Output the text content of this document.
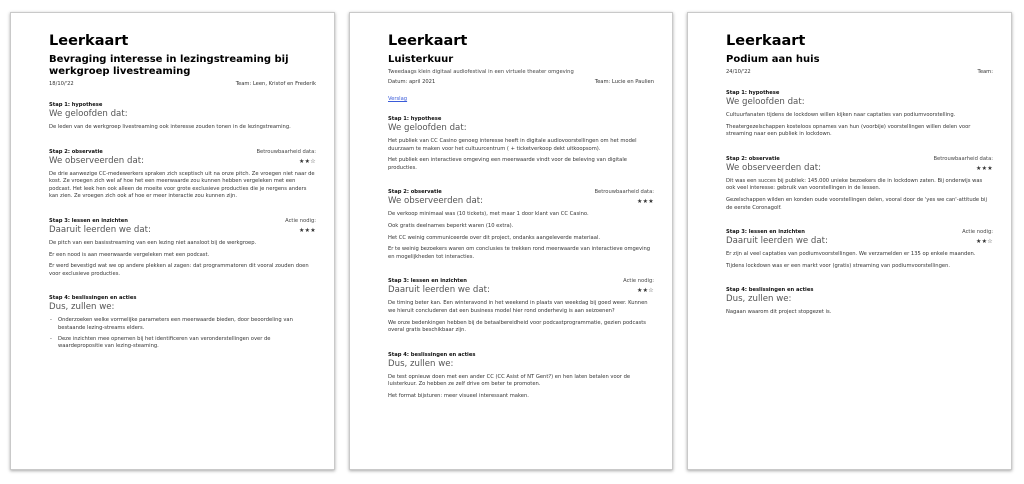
Leerkaart
Bevraging interesse in lezingstreaming bij werkgroep livestreaming
18/10/'22	Team: Leen, Kristof en Frederik
Stap 1: hypothese
We geloofden dat:
De leden van de werkgroep livestreaming ook interesse zouden tonen in de lezingstreaming.
Stap 2: observatie	Betrouwbaarheid data:
We observeerden dat:	★★☆
De drie aanwezige CC-medewerkers spraken zich sceptisch uit na onze pitch. Ze vroegen niet naar de kost. Ze vroegen zich wel af hoe het een meerwaarde zou kunnen hebben vergeleken met een podcast. Het leek hen ook alleen de moeite voor grote exclusieve producties die je nergens anders kan zien. Ze vroegen zich ook af hoe er meer interactie zou kunnen zijn.
Stap 3: lessen en inzichten	Actie nodig:
Daaruit leerden we dat:	★★★
De pitch van een basisstreaming van een lezing niet aansloot bij de werkgroep.
Er een nood is aan meerwaarde vergeleken met een podcast.
Er werd bevestigd wat we op andere plekken al zagen: dat programmatoren dit vooral zouden doen voor exclusieve producties.
Stap 4: beslissingen en acties
Dus, zullen we:
- Onderzoeken welke vormelijke parameters een meerwaarde bieden, door beoordeling van bestaande lezing-streams elders.
- Deze inzichten mee opnemen bij het identificeren van veronderstellingen over de waardepropositie van lezing-steaming.
Leerkaart
Luisterkuur
Tweedaags klein digitaal audiofestival in een virtuele theater omgeving
Datum: april 2021	Team: Lucie en Paulien
Verslag
Stap 1: hypothese
We geloofden dat:
Het publiek van CC Casino genoeg interesse heeft in digitale audiovoorstellingen om het model duurzaam te maken voor het cultuurcentrum ( + ticketverkoop dekt uitkoopsom).
Het publiek een interactieve omgeving een meerwaarde vindt voor de beleving van digitale producties.
Stap 2: observatie	Betrouwbaarheid data:
We observeerden dat:	★★★
De verkoop minimaal was (10 tickets), met maar 1 door klant van CC Casino.
Ook gratis deelnames beperkt waren (10 extra).
Het CC weinig communiceerde over dit project, ondanks aangeleverde materiaal.
Er te weinig bezoekers waren om conclusies te trekken rond meerwaarde van interactieve omgeving en mogelijkheden tot interacties.
Stap 3: lessen en inzichten	Actie nodig:
Daaruit leerden we dat:	★★☆
De timing beter kan. Een winteravond in het weekend in plaats van weekdag bij goed weer. Kunnen we hieruit concluderen dat een business model hier rond onderhevig is aan seizoenen?
We onze bedenkingen hebben bij de betaalbereidheid voor podcastprogrammatie, gezien podcasts overal gratis beschikbaar zijn.
Stap 4: beslissingen en acties
Dus, zullen we:
De test opnieuw doen met een ander CC (CC Asist of NT Gent?) en hen laten betalen voor de luisterkuur. Zo hebben ze zelf drive om beter te promoten.
Het format bijsturen: meer visueel interessant maken.
Leerkaart
Podium aan huis
24/10/'22	Team:
Stap 1: hypothese
We geloofden dat:
Cultuurfanaten tijdens de lockdown willen kijken naar captaties van podiumvoorstelling.
Theatergezelschappen kosteloos opnames van hun (voorbije) voorstellingen willen delen voor streaming naar een publiek in lockdown.
Stap 2: observatie	Betrouwbaarheid data:
We observeerden dat:	★★★
Dit was een succes bij publiek: 145.000 unieke bezoekers die in lockdown zaten. Bij onderwijs was ook veel interesse: gebruik van voorstellingen in de lessen.
Gezelschappen wilden en konden oude voorstellingen delen, vooral door de 'yes we can'-attitude bij de eerste Coronagolf.
Stap 3: lessen en inzichten	Actie nodig:
Daaruit leerden we dat:	★★☆
Er zijn al veel captaties van podiumvoorstellingen. We verzamelden er 135 op enkele maanden.
Tijdens lockdown was er een markt voor (gratis) streaming van podiumvoorstellingen.
Stap 4: beslissingen en acties
Dus, zullen we:
Nagaan waarom dit project stopgezet is.
